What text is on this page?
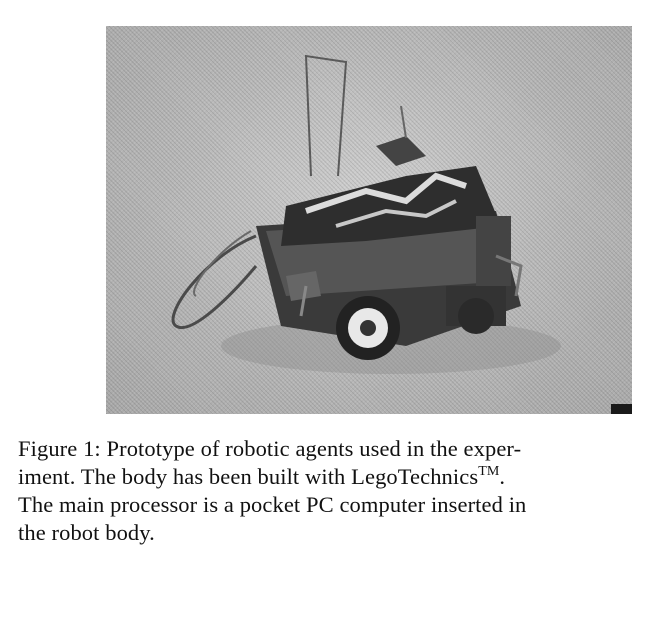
Figure 1: Prototype of robotic agents used in the exper-
iment. The body has been built with LegoTechnics™.
The main processor is a pocket PC computer inserted in
the robot body.
